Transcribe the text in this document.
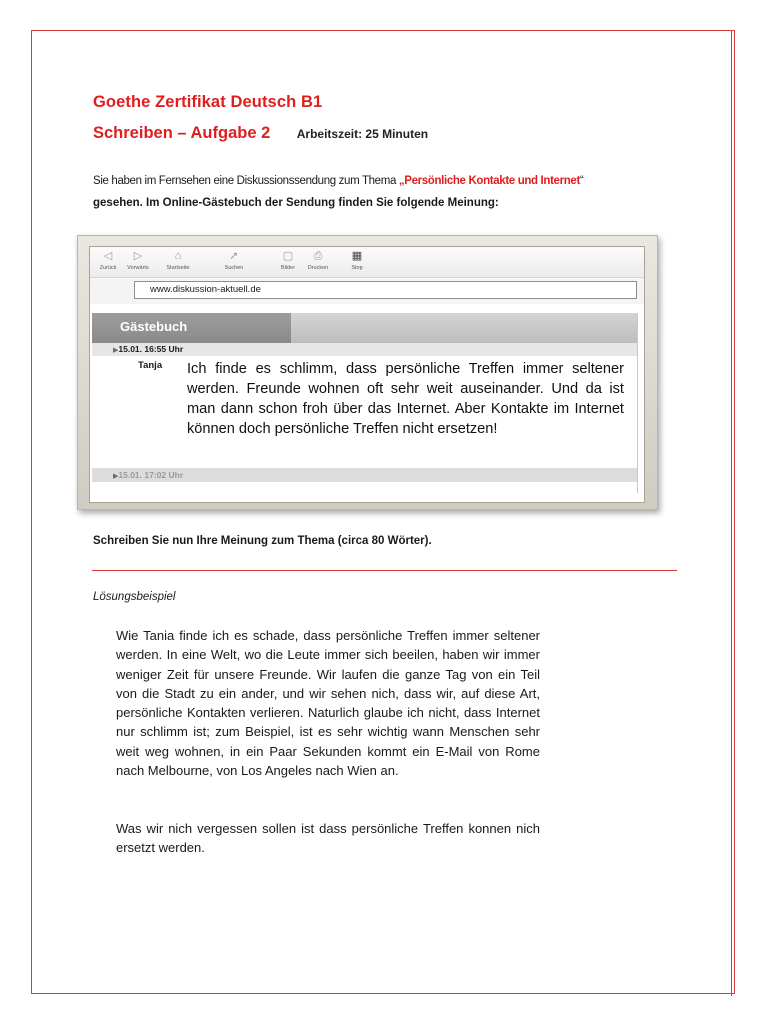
Goethe Zertifikat Deutsch B1
Schreiben – Aufgabe 2 Arbeitszeit: 25 Minuten

Sie haben im Fernsehen eine Diskussionssendung zum Thema „Persönliche Kontakte und Internet“
gesehen. Im Online-Gästebuch der Sendung finden Sie folgende Meinung:

◁
Zurück
▷
Vorwärts
⌂
Startseite
➚
Suchen
▢
Bilder
⎙
Drucken
▦
Stop
www.diskussion-aktuell.de
Gästebuch
▶15.01. 16:55 Uhr
Tanja Ich finde es schlimm, dass persönliche Treffen immer seltener werden. Freunde wohnen oft sehr weit auseinander. Und da ist man dann schon froh über das Internet. Aber Kontakte im Internet können doch persönliche Treffen nicht ersetzen!

▶15.01. 17:02 Uhr

Schreiben Sie nun Ihre Meinung zum Thema (circa 80 Wörter).

Lösungsbeispiel

Wie Tania finde ich es schade, dass persönliche Treffen immer seltener werden. In eine Welt, wo die Leute immer sich beeilen, haben wir immer weniger Zeit für unsere Freunde. Wir laufen die ganze Tag von ein Teil von die Stadt zu ein ander, und wir sehen nich, dass wir, auf diese Art, persönliche Kontakten verlieren. Naturlich glaube ich nicht, dass Internet nur schlimm ist; zum Beispiel, ist es sehr wichtig wann Menschen sehr weit weg wohnen, in ein Paar Sekunden kommt ein E-Mail von Rome nach Melbourne, von Los Angeles nach Wien an.

Was wir nich vergessen sollen ist dass persönliche Treffen konnen nich ersetzt werden.
